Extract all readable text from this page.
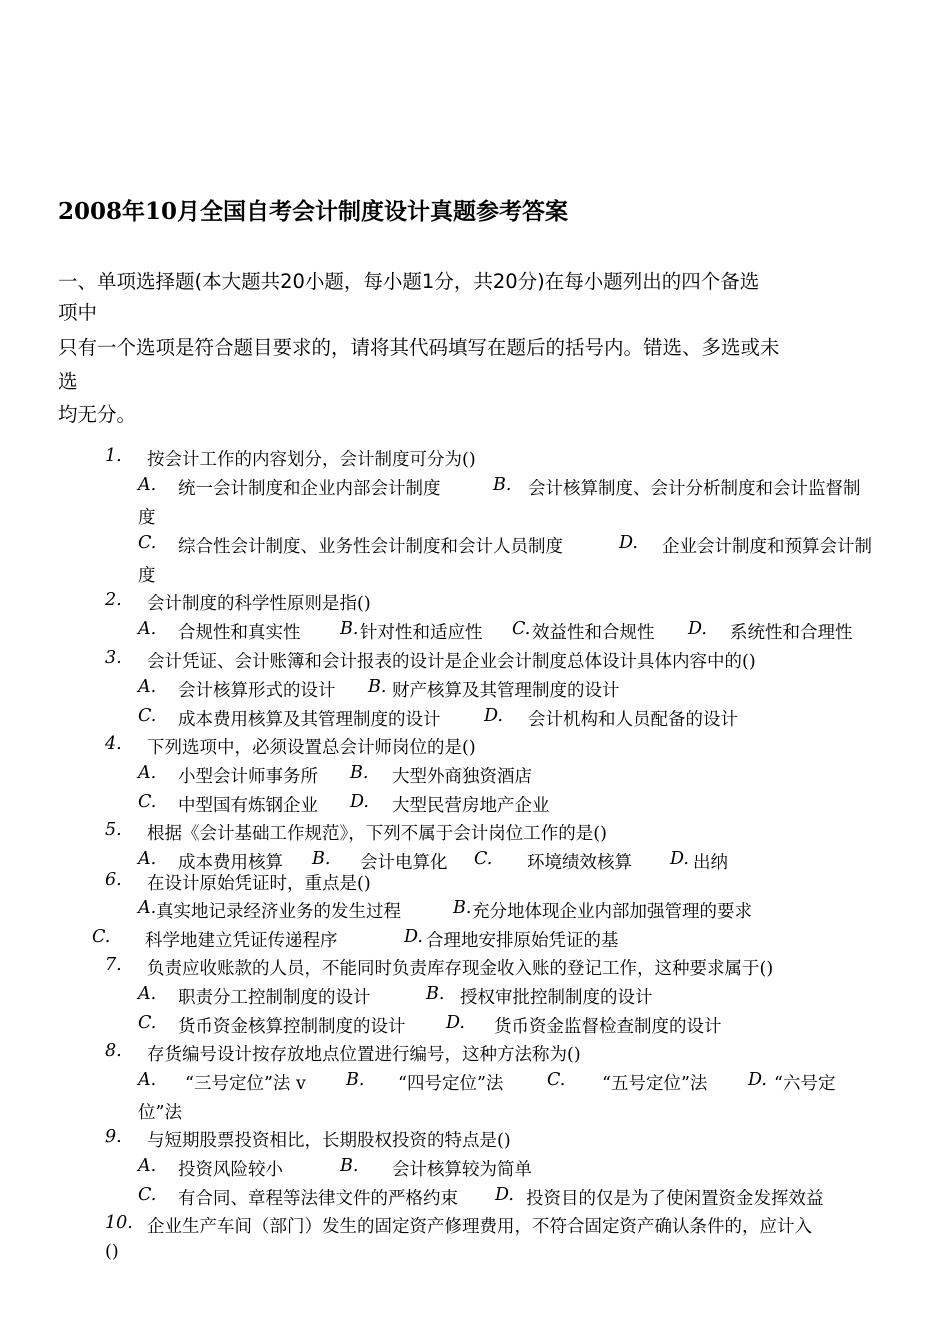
2008年10月全国自考会计制度设计真题参考答案
一、单项选择题(本大题共20小题，每小题1分，共20分)在每小题列出的四个备选
项中
只有一个选项是符合题目要求的，请将其代码填写在题后的括号内。错选、多选或未
选
均无分。
1. 按会计工作的内容划分，会计制度可分为()
A. 统一会计制度和企业内部会计制度	B. 会计核算制度、会计分析制度和会计监督制
度
C. 综合性会计制度、业务性会计制度和会计人员制度	D. 企业会计制度和预算会计制
度
2. 会计制度的科学性原则是指()
A. 合规性和真实性 B. 针对性和适应性 C. 效益性和合规性 D. 系统性和合理性
3. 会计凭证、会计账簿和会计报表的设计是企业会计制度总体设计具体内容中的()
A. 会计核算形式的设计 B. 财产核算及其管理制度的设计
C. 成本费用核算及其管理制度的设计 D. 会计机构和人员配备的设计
4. 下列选项中，必须设置总会计师岗位的是()
A. 小型会计师事务所 B. 大型外商独资酒店
C. 中型国有炼钢企业 D. 大型民营房地产企业
5. 根据《会计基础工作规范》，下列不属于会计岗位工作的是()
A. 成本费用核算 B. 会计电算化 C. 环境绩效核算 D. 出纳
6. 在设计原始凭证时，重点是()
A. 真实地记录经济业务的发生过程	B. 充分地体现企业内部加强管理的要求
C. 科学地建立凭证传递程序	D. 合理地安排原始凭证的基
7. 负责应收账款的人员，不能同时负责库存现金收入账的登记工作，这种要求属于()
A. 职责分工控制制度的设计	B. 授权审批控制制度的设计
C. 货币资金核算控制制度的设计 D. 货币资金监督检查制度的设计
8. 存货编号设计按存放地点位置进行编号，这种方法称为()
A. “三号定位”法 v B. “四号定位”法 C. “五号定位”法 D. “六号定
位”法
9. 与短期股票投资相比，长期股权投资的特点是()
A. 投资风险较小	B. 会计核算较为简单
C. 有合同、章程等法律文件的严格约束 D. 投资目的仅是为了使闲置资金发挥效益
10. 企业生产车间（部门）发生的固定资产修理费用，不符合固定资产确认条件的，应计入
()
